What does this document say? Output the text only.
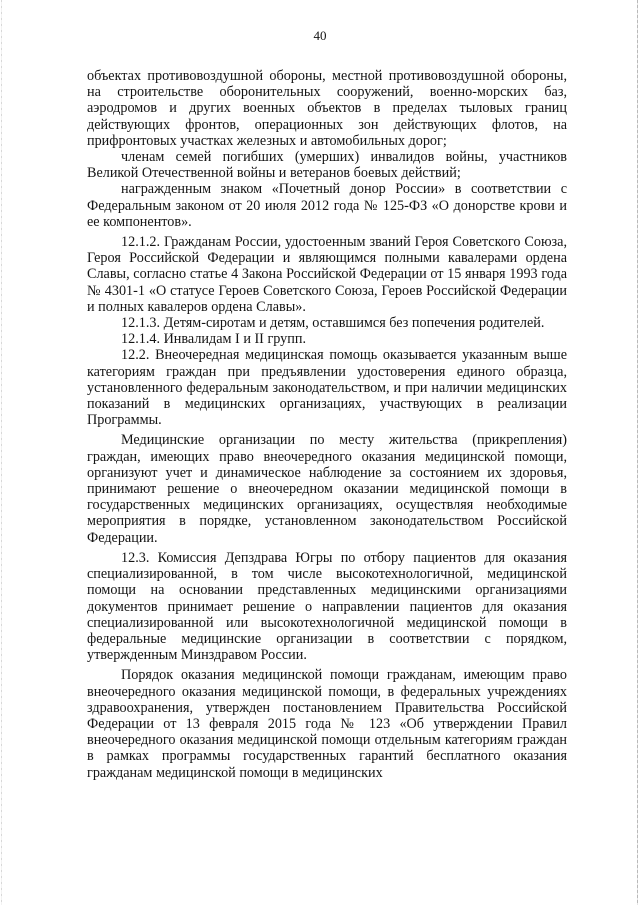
40

объектах противовоздушной обороны, местной противовоздушной обороны, на строительстве оборонительных сооружений, военно-морских баз, аэродромов и других военных объектов в пределах тыловых границ действующих фронтов, операционных зон действующих флотов, на прифронтовых участках железных и автомобильных дорог;

членам семей погибших (умерших) инвалидов войны, участников Великой Отечественной войны и ветеранов боевых действий;

награжденным знаком «Почетный донор России» в соответствии с Федеральным законом от 20 июля 2012 года № 125-ФЗ «О донорстве крови и ее компонентов».

12.1.2. Гражданам России, удостоенным званий Героя Советского Союза, Героя Российской Федерации и являющимся полными кавалерами ордена Славы, согласно статье 4 Закона Российской Федерации от 15 января 1993 года № 4301-1 «О статусе Героев Советского Союза, Героев Российской Федерации и полных кавалеров ордена Славы».

12.1.3. Детям-сиротам и детям, оставшимся без попечения родителей.

12.1.4. Инвалидам I и II групп.

12.2. Внеочередная медицинская помощь оказывается указанным выше категориям граждан при предъявлении удостоверения единого образца, установленного федеральным законодательством, и при наличии медицинских показаний в медицинских организациях, участвующих в реализации Программы.

Медицинские организации по месту жительства (прикрепления) граждан, имеющих право внеочередного оказания медицинской помощи, организуют учет и динамическое наблюдение за состоянием их здоровья, принимают решение о внеочередном оказании медицинской помощи в государственных медицинских организациях, осуществляя необходимые мероприятия в порядке, установленном законодательством Российской Федерации.

12.3. Комиссия Депздрава Югры по отбору пациентов для оказания специализированной, в том числе высокотехнологичной, медицинской помощи на основании представленных медицинскими организациями документов принимает решение о направлении пациентов для оказания специализированной или высокотехнологичной медицинской помощи в федеральные медицинские организации в соответствии с порядком, утвержденным Минздравом России.

Порядок оказания медицинской помощи гражданам, имеющим право внеочередного оказания медицинской помощи, в федеральных учреждениях здравоохранения, утвержден постановлением Правительства Российской Федерации от 13 февраля 2015 года № 123 «Об утверждении Правил внеочередного оказания медицинской помощи отдельным категориям граждан в рамках программы государственных гарантий бесплатного оказания гражданам медицинской помощи в медицинских
